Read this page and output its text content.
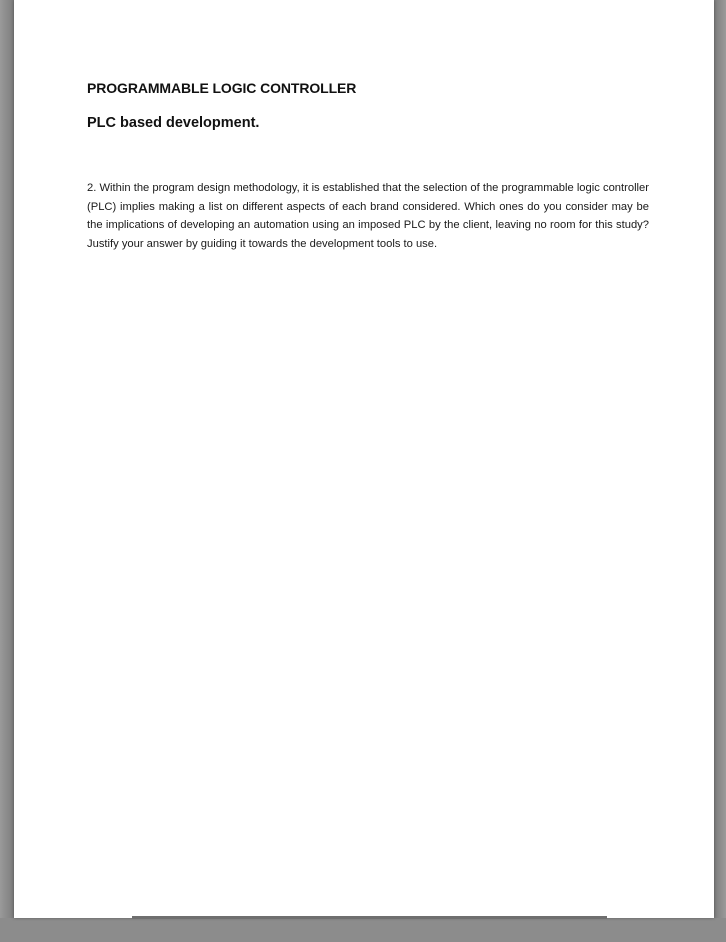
PROGRAMMABLE LOGIC CONTROLLER
PLC based development.

2. Within the program design methodology, it is established that the selection of the programmable logic controller (PLC) implies making a list on different aspects of each brand considered. Which ones do you consider may be the implications of developing an automation using an imposed PLC by the client, leaving no room for this study? Justify your answer by guiding it towards the development tools to use.
